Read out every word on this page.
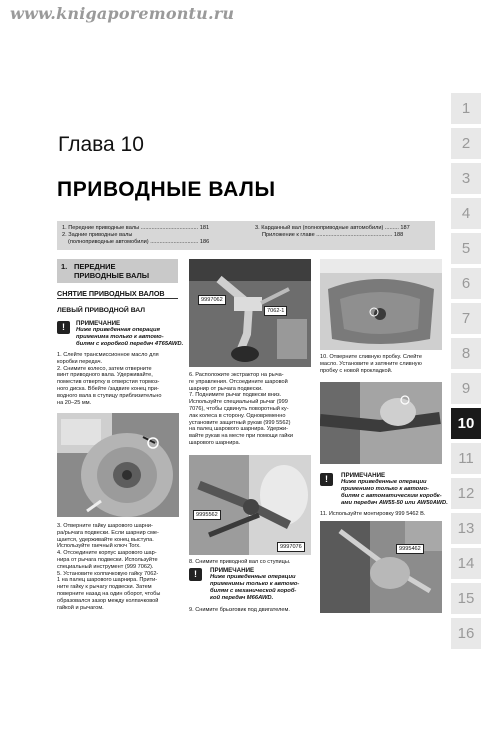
www.knigaporemontu.ru
Глава 10
ПРИВОДНЫЕ ВАЛЫ
1. Передние приводные валы ..................................... 181
2. Задние приводные валы
(полноприводные автомобили) ............................... 186
3. Карданный вал (полноприводные автомобили) ......... 187
Приложение к главе ................................................. 188
1. ПЕРЕДНИЕ
ПРИВОДНЫЕ ВАЛЫ
СНЯТИЕ ПРИВОДНЫХ ВАЛОВ
ЛЕВЫЙ ПРИВОДНОЙ ВАЛ
!	ПРИМЕЧАНИЕ
Ниже приведенная операция
применима только к автомо-
билям с коробкой передач 4T65AWD.
1. Слейте трансмиссионное масло для
коробки передач.
2. Снимите колесо, затем отверните
винт приводного вала. Удерживайте,
поместив отвертку в отверстия тормоз-
ного диска. Вбейте /задвиге конец при-
водного вала в ступицу приблизительно
на 20–25 мм.
3. Отверните гайку шарового шарни-
ра/рычага подвески. Если шарнир сме-
щается, удерживайте конец выступа.
Используйте гаечный ключ Torx.
4. Отсоедините корпус шарового шар-
нира от рычага подвески. Используйте
специальный инструмент (999 7062).
5. Установите колпачковую гайку 7062-
1 на палец шарового шарнира. Прити-
ните гайку к рычагу подвески. Затем
поверните назад на один оборот, чтобы
образовался зазор между колпачковой
гайкой и рычагом.
9997062
7062-1
6. Расположите экстрактор на рыча-
ге управления. Отсоедините шаровой
шарнир от рычага подвески.
7. Поднимите рычаг подвески вниз.
Используйте специальный рычаг (999
7076), чтобы сдвинуть поворотный ку-
лак колеса в сторону. Одновременно
установите защитный рукав (999 5562)
на палец шарового шарнира. Удержи-
вайте рукав на месте при помощи гайки
шарового шарнира.
9995562
9997076
8. Снимите приводной вал со ступицы.
!	ПРИМЕЧАНИЕ
Ниже приведенные операции
применимы только к автомо-
билям с механической короб-
кой передач M66AWD.
9. Снимите брызговик под двигателем.
10. Отверните сливную пробку. Слейте
масло. Установите и затяните сливную
пробку с новой прокладкой.
!	ПРИМЕЧАНИЕ
Ниже приведенные операции
применимо только к автомо-
билям с автоматическим коробк-
ами передач AW55-50 или AW50AWD.
11. Используйте монтировку 999 5462 B.
9995462
1
2
3
4
5
6
7
8
9
10
11
12
13
14
15
16
